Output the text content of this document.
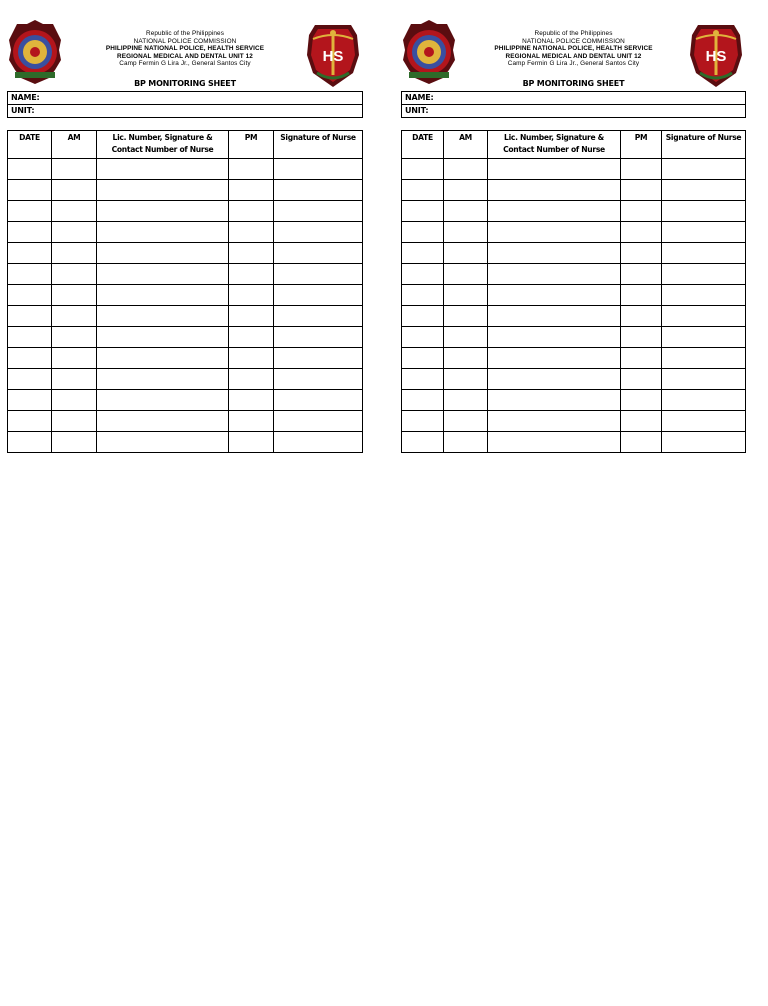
Republic of the Philippines
NATIONAL POLICE COMMISSION
PHILIPPINE NATIONAL POLICE, HEALTH SERVICE
REGIONAL MEDICAL AND DENTAL UNIT 12
Camp Fermin G Lira Jr., General Santos City	HS
BP MONITORING SHEET
NAME:
UNIT:
DATE	AM	Lic. Number, Signature & Contact Number of Nurse	PM	Signature of Nurse

Republic of the Philippines
NATIONAL POLICE COMMISSION
PHILIPPINE NATIONAL POLICE, HEALTH SERVICE
REGIONAL MEDICAL AND DENTAL UNIT 12
Camp Fermin G Lira Jr., General Santos City	HS
BP MONITORING SHEET
NAME:
UNIT:
DATE	AM	Lic. Number, Signature & Contact Number of Nurse	PM	Signature of Nurse
